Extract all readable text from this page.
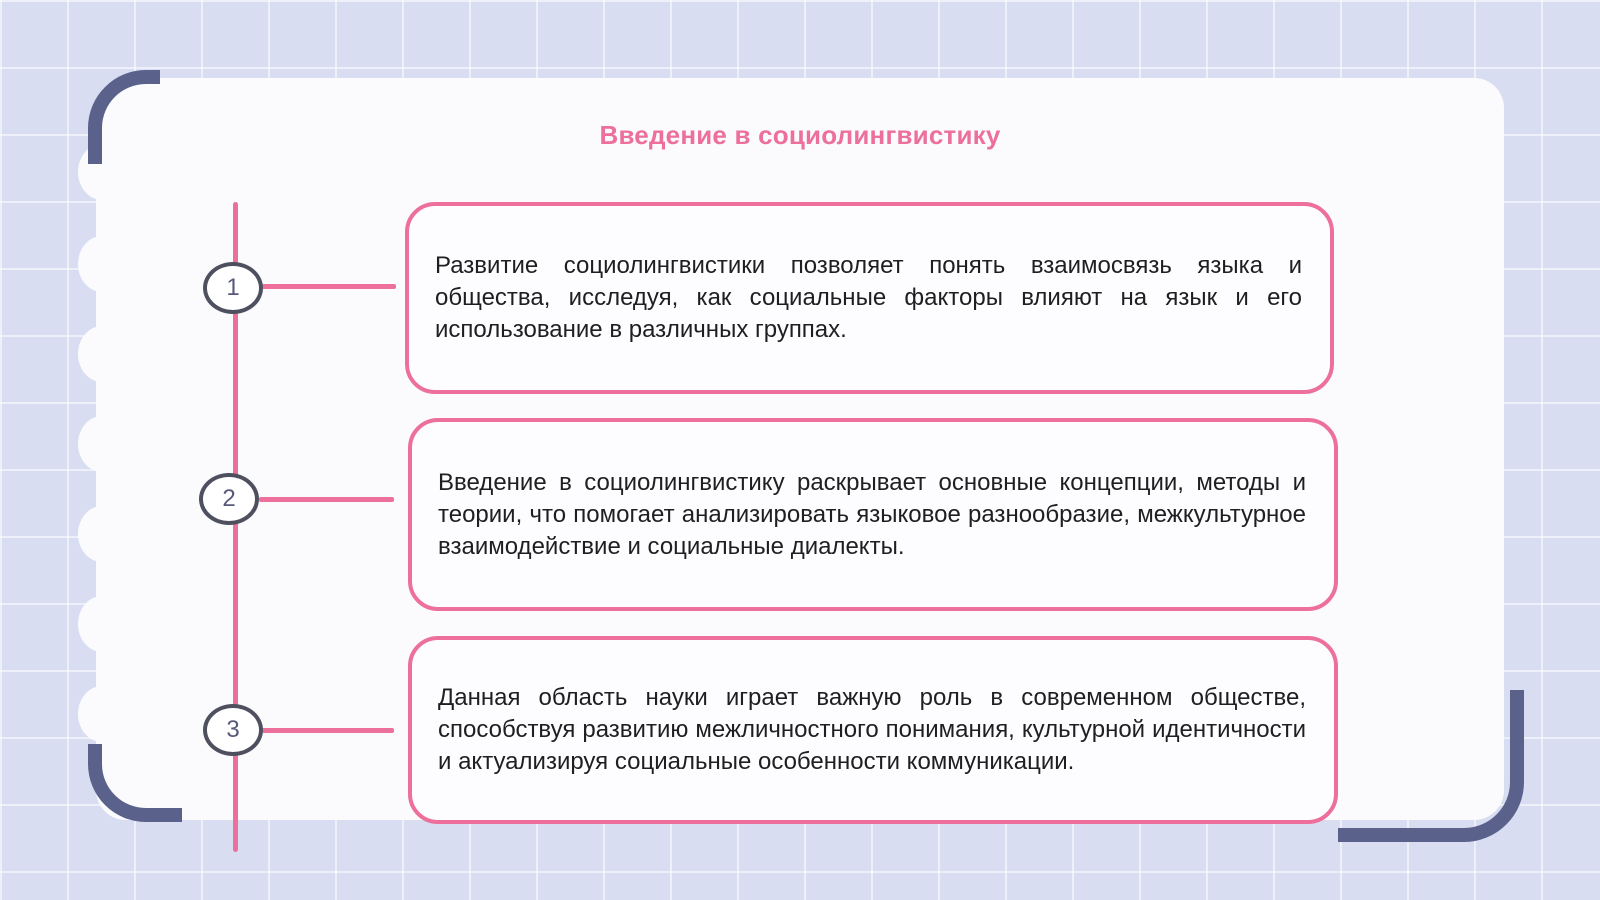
Введение в социолингвистику
1
Развитие социолингвистики позволяет понять взаимосвязь языка и общества, исследуя, как социальные факторы влияют на язык и его использование в различных группах.
2
Введение в социолингвистику раскрывает основные концепции, методы и теории, что помогает анализировать языковое разнообразие, межкультурное взаимодействие и социальные диалекты.
3
Данная область науки играет важную роль в современном обществе, способствуя развитию межличностного понимания, культурной идентичности и актуализируя социальные особенности коммуникации.
